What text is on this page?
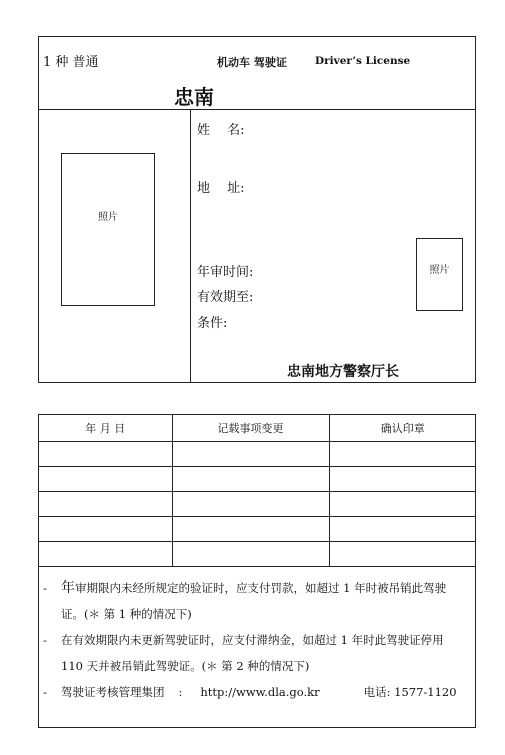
1 种 普通	机动车 驾驶证	Driver’s License
忠南
照片
姓　 名:
地　 址:
年审时间:
有效期至:
条件:
照片
忠南地方警察厅长
年 月 日	记载事项变更	确认印章

- 年审期限内未经所规定的验证时，应支付罚款，如超过 1 年时被吊销此驾驶证。(＊ 第 1 种的情况下)
- 在有效期限内未更新驾驶证时，应支付滞纳金，如超过 1 年时此驾驶证停用 110 天并被吊销此驾驶证。(＊ 第 2 种的情况下)
- 驾驶证考核管理集团 : http://www.dla.go.kr	电话: 1577-1120
